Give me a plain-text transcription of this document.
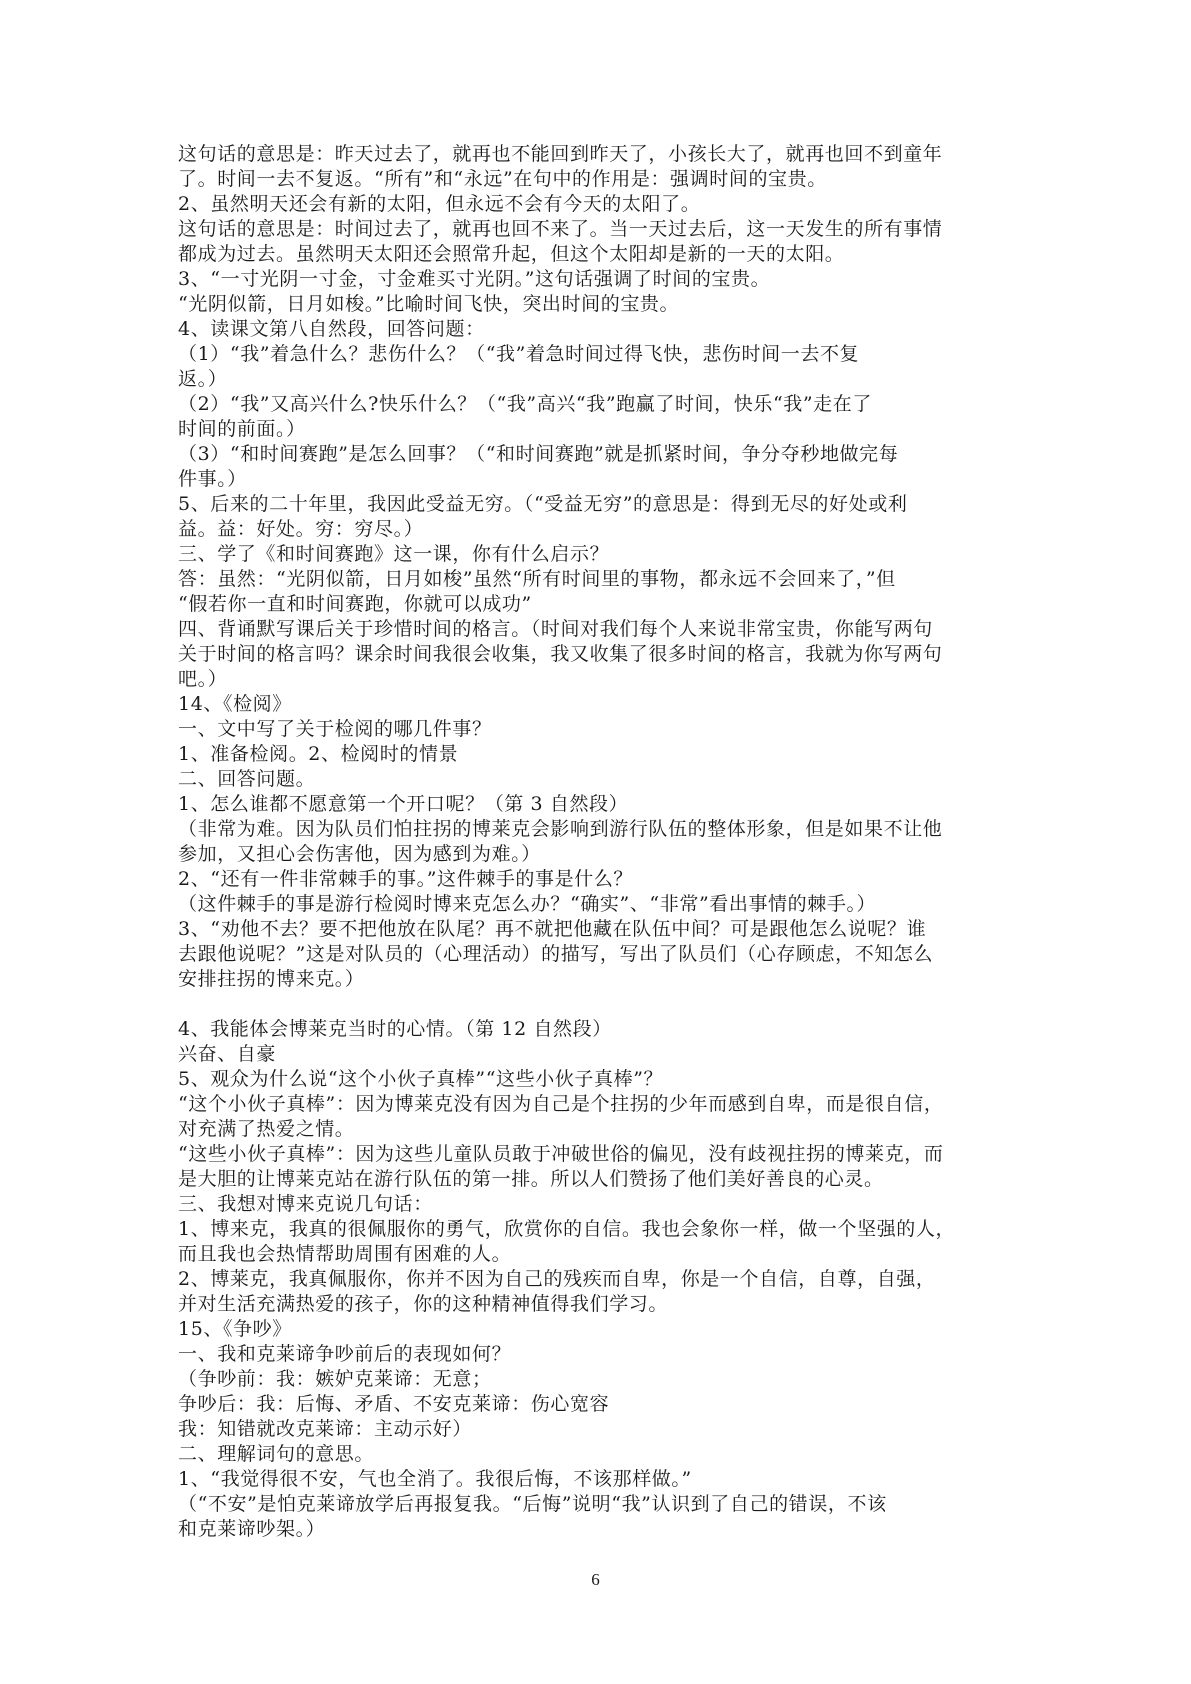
这句话的意思是：昨天过去了，就再也不能回到昨天了，小孩长大了，就再也回不到童年
了。时间一去不复返。“所有”和“永远”在句中的作用是：强调时间的宝贵。
2、虽然明天还会有新的太阳，但永远不会有今天的太阳了。
这句话的意思是：时间过去了，就再也回不来了。当一天过去后，这一天发生的所有事情
都成为过去。虽然明天太阳还会照常升起，但这个太阳却是新的一天的太阳。
3、“一寸光阴一寸金，寸金难买寸光阴。”这句话强调了时间的宝贵。
“光阴似箭，日月如梭。”比喻时间飞快，突出时间的宝贵。
4、读课文第八自然段，回答问题：
（1）“我”着急什么？悲伤什么？（“我”着急时间过得飞快，悲伤时间一去不复
返。）
（2）“我”又高兴什么?快乐什么？（“我”高兴“我”跑赢了时间，快乐“我”走在了
时间的前面。）
（3）“和时间赛跑”是怎么回事？（“和时间赛跑”就是抓紧时间，争分夺秒地做完每
件事。）
5、后来的二十年里，我因此受益无穷。（“受益无穷”的意思是：得到无尽的好处或利
益。益：好处。穷：穷尽。）
三、学了《和时间赛跑》这一课，你有什么启示？
答：虽然：“光阴似箭，日月如梭”虽然“所有时间里的事物，都永远不会回来了，”但
“假若你一直和时间赛跑，你就可以成功”
四、背诵默写课后关于珍惜时间的格言。（时间对我们每个人来说非常宝贵，你能写两句
关于时间的格言吗？课余时间我很会收集，我又收集了很多时间的格言，我就为你写两句
吧。）
14、《检阅》
一、文中写了关于检阅的哪几件事？
1、准备检阅。2、检阅时的情景
二、回答问题。
1、怎么谁都不愿意第一个开口呢？（第 3 自然段）
（非常为难。因为队员们怕拄拐的博莱克会影响到游行队伍的整体形象，但是如果不让他
参加，又担心会伤害他，因为感到为难。）
2、“还有一件非常棘手的事。”这件棘手的事是什么？
（这件棘手的事是游行检阅时博来克怎么办？“确实”、“非常”看出事情的棘手。）
3、“劝他不去？要不把他放在队尾？再不就把他藏在队伍中间？可是跟他怎么说呢？谁
去跟他说呢？”这是对队员的（心理活动）的描写，写出了队员们（心存顾虑，不知怎么
安排拄拐的博来克。）
4、我能体会博莱克当时的心情。（第 12 自然段）
兴奋、自豪
5、观众为什么说“这个小伙子真棒”“这些小伙子真棒”？
“这个小伙子真棒”：因为博莱克没有因为自己是个拄拐的少年而感到自卑，而是很自信，
对充满了热爱之情。
“这些小伙子真棒”：因为这些儿童队员敢于冲破世俗的偏见，没有歧视拄拐的博莱克，而
是大胆的让博莱克站在游行队伍的第一排。所以人们赞扬了他们美好善良的心灵。
三、我想对博来克说几句话：
1、博来克，我真的很佩服你的勇气，欣赏你的自信。我也会象你一样，做一个坚强的人，
而且我也会热情帮助周围有困难的人。
2、博莱克，我真佩服你，你并不因为自己的残疾而自卑，你是一个自信，自尊，自强，
并对生活充满热爱的孩子，你的这种精神值得我们学习。
15、《争吵》
一、我和克莱谛争吵前后的表现如何？
（争吵前：我：嫉妒克莱谛：无意；
争吵后：我：后悔、矛盾、不安克莱谛：伤心宽容
我：知错就改克莱谛：主动示好）
二、理解词句的意思。
1、“我觉得很不安，气也全消了。我很后悔，不该那样做。”
（“不安”是怕克莱谛放学后再报复我。“后悔”说明“我”认识到了自己的错误，不该
和克莱谛吵架。）
6
